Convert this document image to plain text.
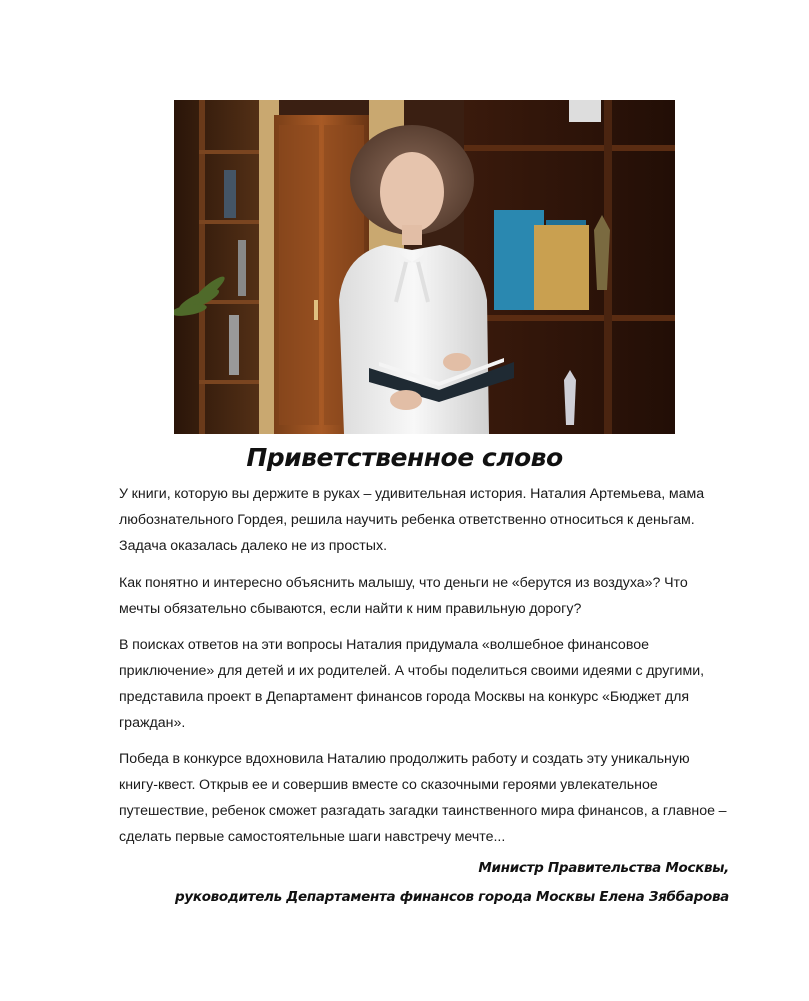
Приветственное слово

У книги, которую вы держите в руках – удивительная история. Наталия Артемьева, мама любознательного Гордея, решила научить ребенка ответственно относиться к деньгам. Задача оказалась далеко не из простых.

Как понятно и интересно объяснить малышу, что деньги не «берутся из воздуха»? Что мечты обязательно сбываются, если найти к ним правильную дорогу?

В поисках ответов на эти вопросы Наталия придумала «волшебное финансовое приключение» для детей и их родителей. А чтобы поделиться своими идеями с другими, представила проект в Департамент финансов города Москвы на конкурс «Бюджет для граждан».

Победа в конкурсе вдохновила Наталию продолжить работу и создать эту уникальную книгу-квест. Открыв ее и совершив вместе со сказочными героями увлекательное путешествие, ребенок сможет разгадать загадки таинственного мира финансов, а главное – сделать первые самостоятельные шаги навстречу мечте...

Министр Правительства Москвы,
руководитель Департамента финансов города Москвы Елена Зяббарова
